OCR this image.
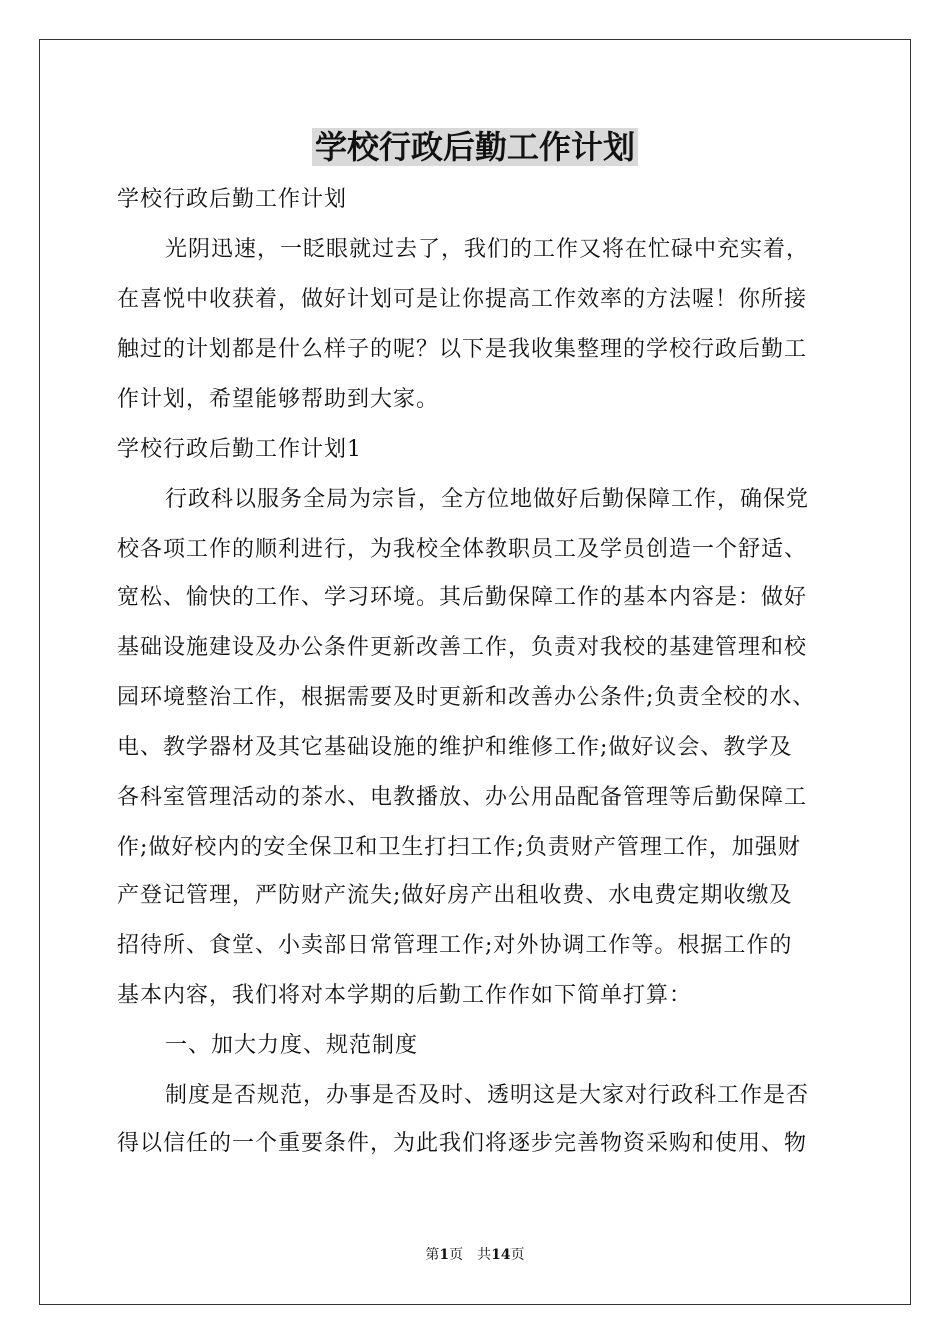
学校行政后勤工作计划
学校行政后勤工作计划
光阴迅速，一眨眼就过去了，我们的工作又将在忙碌中充实着，
在喜悦中收获着，做好计划可是让你提高工作效率的方法喔！你所接
触过的计划都是什么样子的呢？以下是我收集整理的学校行政后勤工
作计划，希望能够帮助到大家。
学校行政后勤工作计划1
行政科以服务全局为宗旨，全方位地做好后勤保障工作，确保党
校各项工作的顺利进行，为我校全体教职员工及学员创造一个舒适、
宽松、愉快的工作、学习环境。其后勤保障工作的基本内容是：做好
基础设施建设及办公条件更新改善工作，负责对我校的基建管理和校
园环境整治工作，根据需要及时更新和改善办公条件;负责全校的水、
电、教学器材及其它基础设施的维护和维修工作;做好议会、教学及
各科室管理活动的茶水、电教播放、办公用品配备管理等后勤保障工
作;做好校内的安全保卫和卫生打扫工作;负责财产管理工作，加强财
产登记管理，严防财产流失;做好房产出租收费、水电费定期收缴及
招待所、食堂、小卖部日常管理工作;对外协调工作等。根据工作的
基本内容，我们将对本学期的后勤工作作如下简单打算：
一、加大力度、规范制度
制度是否规范，办事是否及时、透明这是大家对行政科工作是否
得以信任的一个重要条件，为此我们将逐步完善物资采购和使用、物
第1页　共14页
